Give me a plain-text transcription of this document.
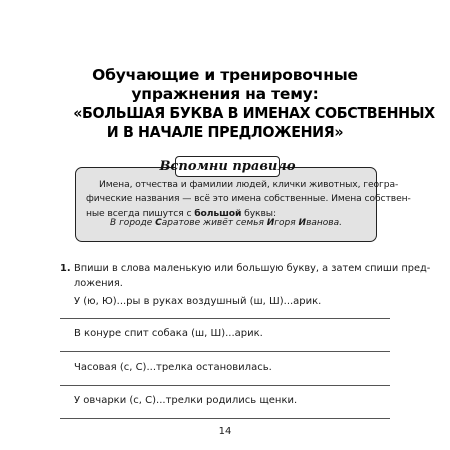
Обучающие и тренировочные
упражнения на тему:
«БОЛЬШАЯ БУКВА В ИМЕНАХ СОБСТВЕННЫХ
И В НАЧАЛЕ ПРЕДЛОЖЕНИЯ»
Вспомни правило
Имена, отчества и фамилии людей, клички животных, геогра-
фические названия — всё это имена собственные. Имена собствен-
ные всегда пишутся с большой буквы:
В городе Саратове живёт семья Игоря Иванова.
1. Впиши в слова маленькую или большую букву, а затем спиши пред-
ложения.
У (ю, Ю)...ры в руках воздушный (ш, Ш)...арик.
В конуре спит собака (ш, Ш)...арик.
Часовая (с, С)...трелка остановилась.
У овчарки (с, С)...трелки родились щенки.
14
